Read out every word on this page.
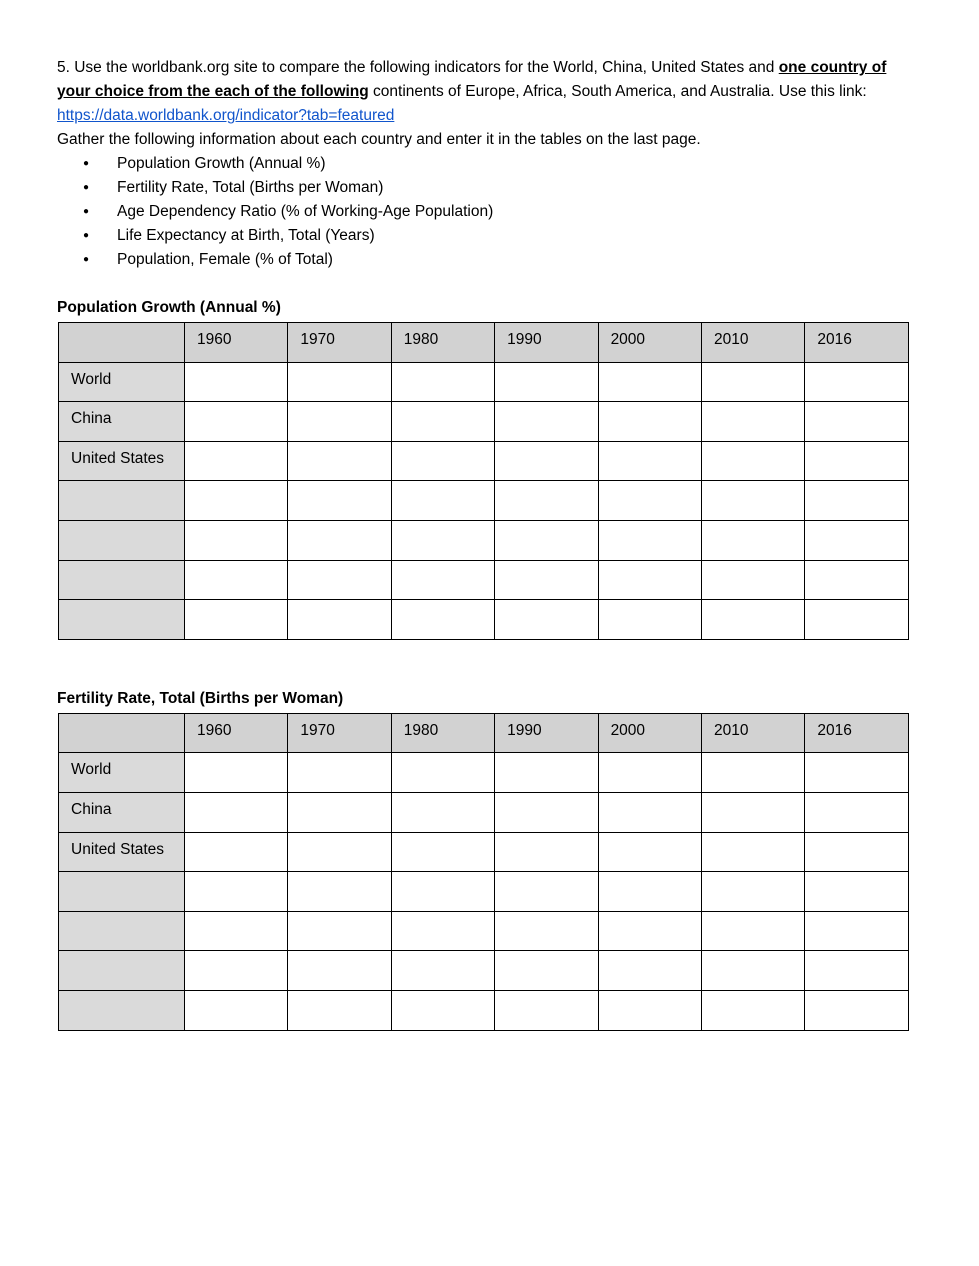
5. Use the worldbank.org site to compare the following indicators for the World, China, United States and one country of your choice from the each of the following continents of Europe, Africa, South America, and Australia. Use this link: https://data.worldbank.org/indicator?tab=featured

Gather the following information about each country and enter it in the tables on the last page.

● Population Growth (Annual %)
● Fertility Rate, Total (Births per Woman)
● Age Dependency Ratio (% of Working-Age Population)
● Life Expectancy at Birth, Total (Years)
● Population, Female (% of Total)
Population Growth (Annual %)
	1960	1970	1980	1990	2000	2010	2016
World							
China							
United States							

Fertility Rate, Total (Births per Woman)
	1960	1970	1980	1990	2000	2010	2016
World							
China							
United States							
